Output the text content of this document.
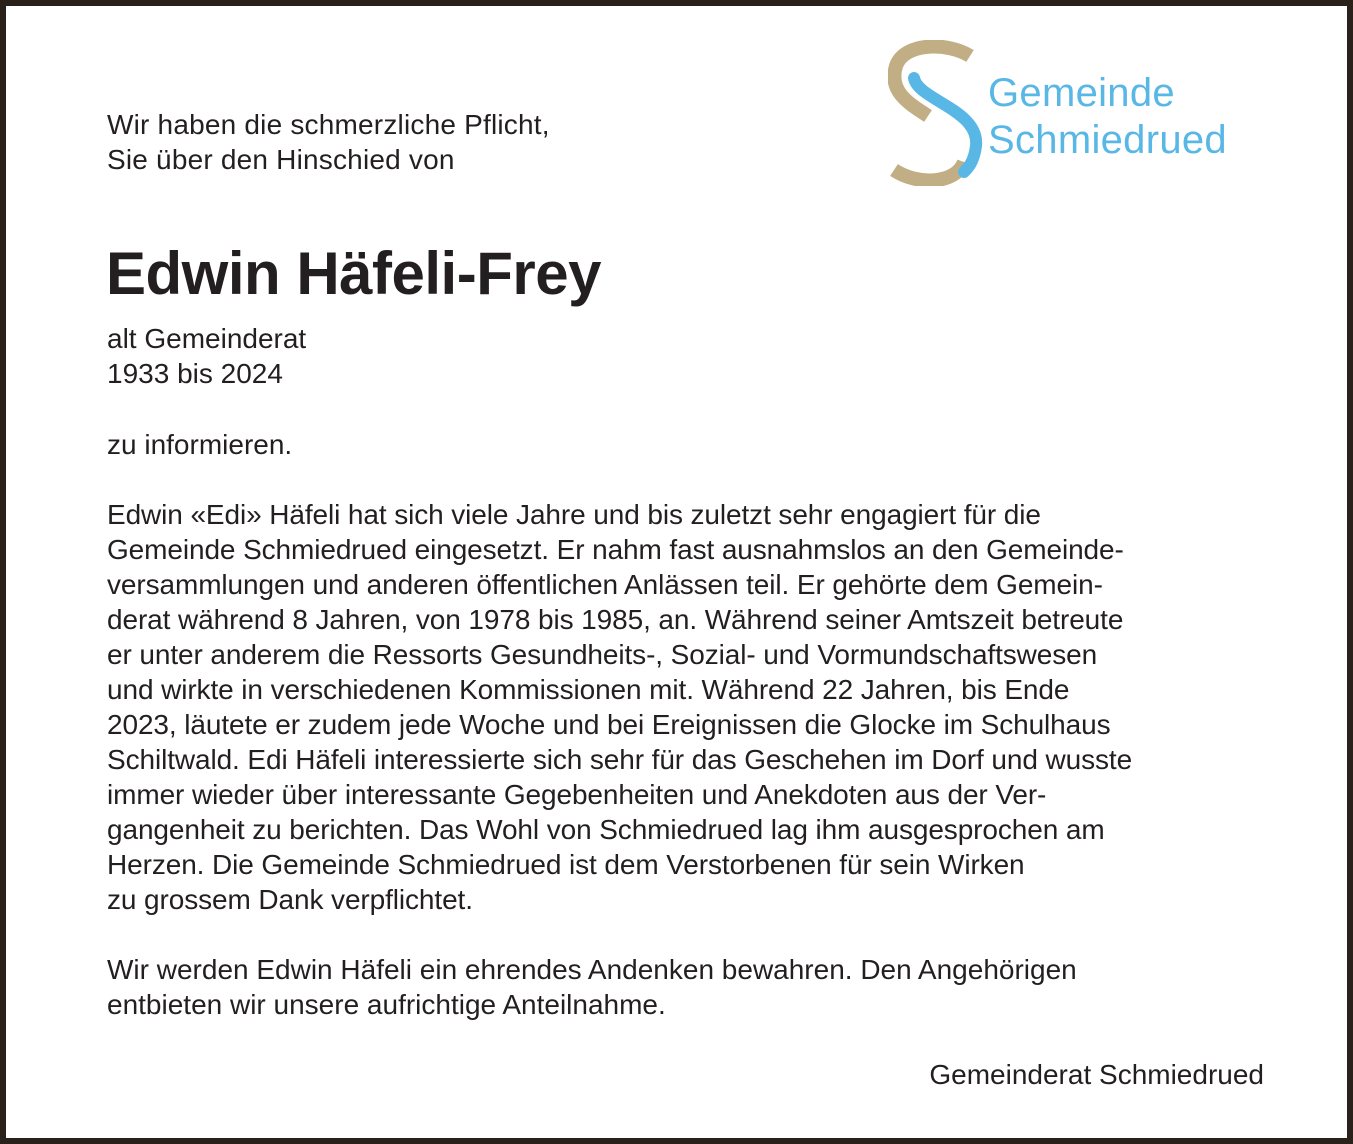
Gemeinde
Schmiedrued
Wir haben die schmerzliche Pflicht,
Sie über den Hinschied von
Edwin Häfeli-Frey
alt Gemeinderat
1933 bis 2024
zu informieren.
Edwin «Edi» Häfeli hat sich viele Jahre und bis zuletzt sehr engagiert für die
Gemeinde Schmiedrued eingesetzt. Er nahm fast ausnahmslos an den Gemeinde-
versammlungen und anderen öffentlichen Anlässen teil. Er gehörte dem Gemein-
derat während 8 Jahren, von 1978 bis 1985, an. Während seiner Amtszeit betreute
er unter anderem die Ressorts Gesundheits-, Sozial- und Vormundschaftswesen
und wirkte in verschiedenen Kommissionen mit. Während 22 Jahren, bis Ende
2023, läutete er zudem jede Woche und bei Ereignissen die Glocke im Schulhaus
Schiltwald. Edi Häfeli interessierte sich sehr für das Geschehen im Dorf und wusste
immer wieder über interessante Gegebenheiten und Anekdoten aus der Ver-
gangenheit zu berichten. Das Wohl von Schmiedrued lag ihm ausgesprochen am
Herzen. Die Gemeinde Schmiedrued ist dem Verstorbenen für sein Wirken
zu grossem Dank verpflichtet.
Wir werden Edwin Häfeli ein ehrendes Andenken bewahren. Den Angehörigen
entbieten wir unsere aufrichtige Anteilnahme.
Gemeinderat Schmiedrued
